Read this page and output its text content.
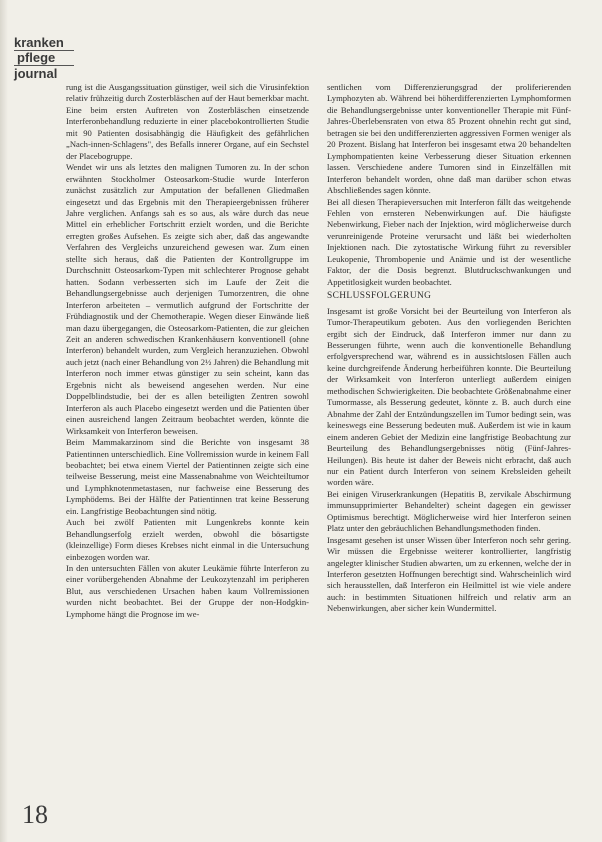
kranken
pflege
journal

rung ist die Ausgangssituation günstiger, weil sich die Virusinfektion relativ frühzeitig durch Zosterbläschen auf der Haut bemerkbar macht. Eine beim ersten Auftreten von Zosterbläschen einsetzende Interferonbehandlung reduzierte in einer placebokontrollierten Studie mit 90 Patienten dosisabhängig die Häufigkeit des gefährlichen „Nach-innen-Schlagens", des Befalls innerer Organe, auf ein Sechstel der Placebogruppe.

Wendet wir uns als letztes den malignen Tumoren zu. In der schon erwähnten Stockholmer Osteosarkom-Studie wurde Interferon zunächst zusätzlich zur Amputation der befallenen Gliedmaßen eingesetzt und das Ergebnis mit den Therapieergebnissen früherer Jahre verglichen. Anfangs sah es so aus, als wäre durch das neue Mittel ein erheblicher Fortschritt erzielt worden, und die Berichte erregten großes Aufsehen. Es zeigte sich aber, daß das angewandte Verfahren des Vergleichs unzureichend gewesen war. Zum einen stellte sich heraus, daß die Patienten der Kontrollgruppe im Durchschnitt Osteosarkom-Typen mit schlechterer Prognose gehabt hatten. Sodann verbesserten sich im Laufe der Zeit die Behandlungsergebnisse auch derjenigen Tumorzentren, die ohne Interferon arbeiteten – vermutlich aufgrund der Fortschritte der Frühdiagnostik und der Chemotherapie. Wegen dieser Einwände ließ man dazu übergegangen, die Osteosarkom-Patienten, die zur gleichen Zeit an anderen schwedischen Krankenhäusern konventionell (ohne Interferon) behandelt wurden, zum Vergleich heranzuziehen. Obwohl auch jetzt (nach einer Behandlung von 2½ Jahren) die Behandlung mit Interferon noch immer etwas günstiger zu sein scheint, kann das Ergebnis nicht als beweisend angesehen werden. Nur eine Doppelblindstudie, bei der es allen beteiligten Zentren sowohl Interferon als auch Placebo eingesetzt werden und die Patienten über einen ausreichend langen Zeitraum beobachtet werden, könnte die Wirksamkeit von Interferon beweisen.

Beim Mammakarzinom sind die Berichte von insgesamt 38 Patientinnen unterschiedlich. Eine Vollremission wurde in keinem Fall beobachtet; bei etwa einem Viertel der Patientinnen zeigte sich eine teilweise Besserung, meist eine Massenabnahme von Weichteiltumor und Lymphknotenmetastasen, nur fachweise eine Besserung des Lymphödems. Bei der Hälfte der Patientinnen trat keine Besserung ein. Langfristige Beobachtungen sind nötig.

Auch bei zwölf Patienten mit Lungenkrebs konnte kein Behandlungserfolg erzielt werden, obwohl die bösartigste (kleinzellige) Form dieses Krebses nicht einmal in die Untersuchung einbezogen worden war.

In den untersuchten Fällen von akuter Leukämie führte Interferon zu einer vorübergehenden Abnahme der Leukozytenzahl im peripheren Blut, aus verschiedenen Ursachen haben kaum Vollremissionen wurden nicht beobachtet. Bei der Gruppe der non-Hodgkin-Lymphome hängt die Prognose im we-

sentlichen vom Differenzierungsgrad der proliferierenden Lymphozyten ab. Während bei höherdifferenzierten Lymphomformen die Behandlungsergebnisse unter konventioneller Therapie mit Fünf-Jahres-Überlebensraten von etwa 85 Prozent ohnehin recht gut sind, betragen sie bei den undifferenzierten aggressiven Formen weniger als 20 Prozent. Bislang hat Interferon bei insgesamt etwa 20 behandelten Lymphompatienten keine Verbesserung dieser Situation erkennen lassen. Verschiedene andere Tumoren sind in Einzelfällen mit Interferon behandelt worden, ohne daß man darüber schon etwas Abschließendes sagen könnte.

Bei all diesen Therapieversuchen mit Interferon fällt das weitgehende Fehlen von ernsteren Nebenwirkungen auf. Die häufigste Nebenwirkung, Fieber nach der Injektion, wird möglicherweise durch verunreinigende Proteine verursacht und läßt bei wiederholten Injektionen nach. Die zytostatische Wirkung führt zu reversibler Leukopenie, Thrombopenie und Anämie und ist der wesentliche Faktor, der die Dosis begrenzt. Blutdruckschwankungen und Appetitlosigkeit wurden beobachtet.

SCHLUSSFOLGERUNG

Insgesamt ist große Vorsicht bei der Beurteilung von Interferon als Tumor-Therapeutikum geboten. Aus den vorliegenden Berichten ergibt sich der Eindruck, daß Interferon immer nur dann zu Besserungen führte, wenn auch die konventionelle Behandlung erfolgversprechend war, während es in aussichtslosen Fällen auch keine durchgreifende Änderung herbeiführen konnte. Die Beurteilung der Wirksamkeit von Interferon unterliegt außerdem einigen methodischen Schwierigkeiten. Die beobachtete Größenabnahme einer Tumormasse, als Besserung gedeutet, könnte z. B. auch durch eine Abnahme der Zahl der Entzündungszellen im Tumor bedingt sein, was keineswegs eine Besserung bedeuten muß. Außerdem ist wie in kaum einem anderen Gebiet der Medizin eine langfristige Beobachtung zur Beurteilung des Behandlungsergebnisses nötig (Fünf-Jahres-Heilungen). Bis heute ist daher der Beweis nicht erbracht, daß auch nur ein Patient durch Interferon von seinem Krebsleiden geheilt worden wäre.

Bei einigen Viruserkrankungen (Hepatitis B, zervikale Abschirmung immunsupprimierter Behandelter) scheint dagegen ein gewisser Optimismus berechtigt. Möglicherweise wird hier Interferon seinen Platz unter den gebräuchlichen Behandlungsmethoden finden.

Insgesamt gesehen ist unser Wissen über Interferon noch sehr gering. Wir müssen die Ergebnisse weiterer kontrollierter, langfristig angelegter klinischer Studien abwarten, um zu erkennen, welche der in Interferon gesetzten Hoffnungen berechtigt sind. Wahrscheinlich wird sich herausstellen, daß Interferon ein Heilmittel ist wie viele andere auch: in bestimmten Situationen hilfreich und relativ arm an Nebenwirkungen, aber sicher kein Wundermittel.

18
